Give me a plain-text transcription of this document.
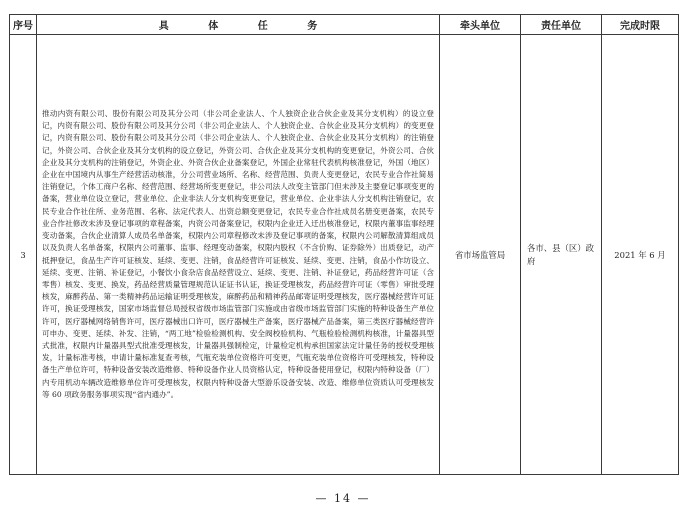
序号	具 体 任 务	牵头单位	责任单位	完成时限
3	推动内资有限公司、股份有限公司及其分公司（非公司企业法人、个人独资企业合伙企业及其分支机构）的设立登记，内资有限公司、股份有限公司及其分公司（非公司企业法人、个人独资企业、合伙企业及其分支机构）的变更登记，内资有限公司、股份有限公司及其分公司（非公司企业法人、个人独资企业、合伙企业及其分支机构）的注销登记，外资公司、合伙企业及其分支机构的设立登记，外资公司、合伙企业及其分支机构的变更登记，外资公司、合伙企业及其分支机构的注销登记，外资企业、外资合伙企业备案登记，外国企业常驻代表机构核准登记，外国（地区）企业在中国境内从事生产经营活动核准，分公司营业场所、名称、经营范围、负责人变更登记，农民专业合作社简易注销登记，个体工商户名称、经营范围、经营场所变更登记，非公司法人改变主管部门但未涉及主要登记事项变更的备案，营业单位设立登记，营业单位、企业非法人分支机构变更登记，营业单位、企业非法人分支机构注销登记，农民专业合作社住所、业务范围、名称、法定代表人、出资总额变更登记，农民专业合作社成员名册变更备案，农民专业合作社修改未涉及登记事项的章程备案，内资公司备案登记，权限内企业迁入迁出核准登记，权限内董事监事经理变动备案，合伙企业清算人成员名单备案，权限内公司章程修改未涉及登记事项的备案，权限内公司解散清算组成员以及负责人名单备案，权限内公司董事、监事、经理变动备案，权限内股权（不含价购、证券除外）出质登记，动产抵押登记，食品生产许可证核发、延续、变更、注销，食品经营许可证核发、延续、变更、注销，食品小作坊设立、延续、变更、注销、补证登记，小餐饮小食杂店食品经营设立、延续、变更、注销、补证登记，药品经营许可证（含零售）核发、变更、换发，药品经营质量管理规范认证证书认证，换证受理核发，药品经营许可证（零售）审批受理核发，麻醉药品、第一类精神药品运输证明受理核发，麻醉药品和精神药品邮寄证明受理核发，医疗器械经营许可证许可，换证受理核发，国家市场监督总局授权省级市场监管部门实施或由省级市场监管部门实施的特种设备生产单位许可，医疗器械网络销售许可，医疗器械出口许可，医疗器械生产备案，医疗器械产品备案，第三类医疗器械经营许可申办、变更、延续、补发、注销，“两工地”检验检测机构、安全阀校验机构、气瓶检验检测机构核准，计量器具型式批准，权限内计量器具型式批准受理核发，计量器具强制检定，计量检定机构承担国家法定计量任务的授权受理核发，计量标准考核，申请计量标准复查考核，气瓶充装单位资格许可变更，气瓶充装单位资格许可受理核发，特种设备生产单位许可，特种设备安装改造维修、特种设备作业人员资格认定，特种设备使用登记，权限内特种设备（厂）内专用机动车辆改造维修单位许可受理核发，权限内特种设备大型游乐设备安装、改造、维修单位资质认可受理核发等 60 项政务服务事项实现“省内通办”。	省市场监管局	各市、县（区）政府	2021 年 6 月
— 14 —
